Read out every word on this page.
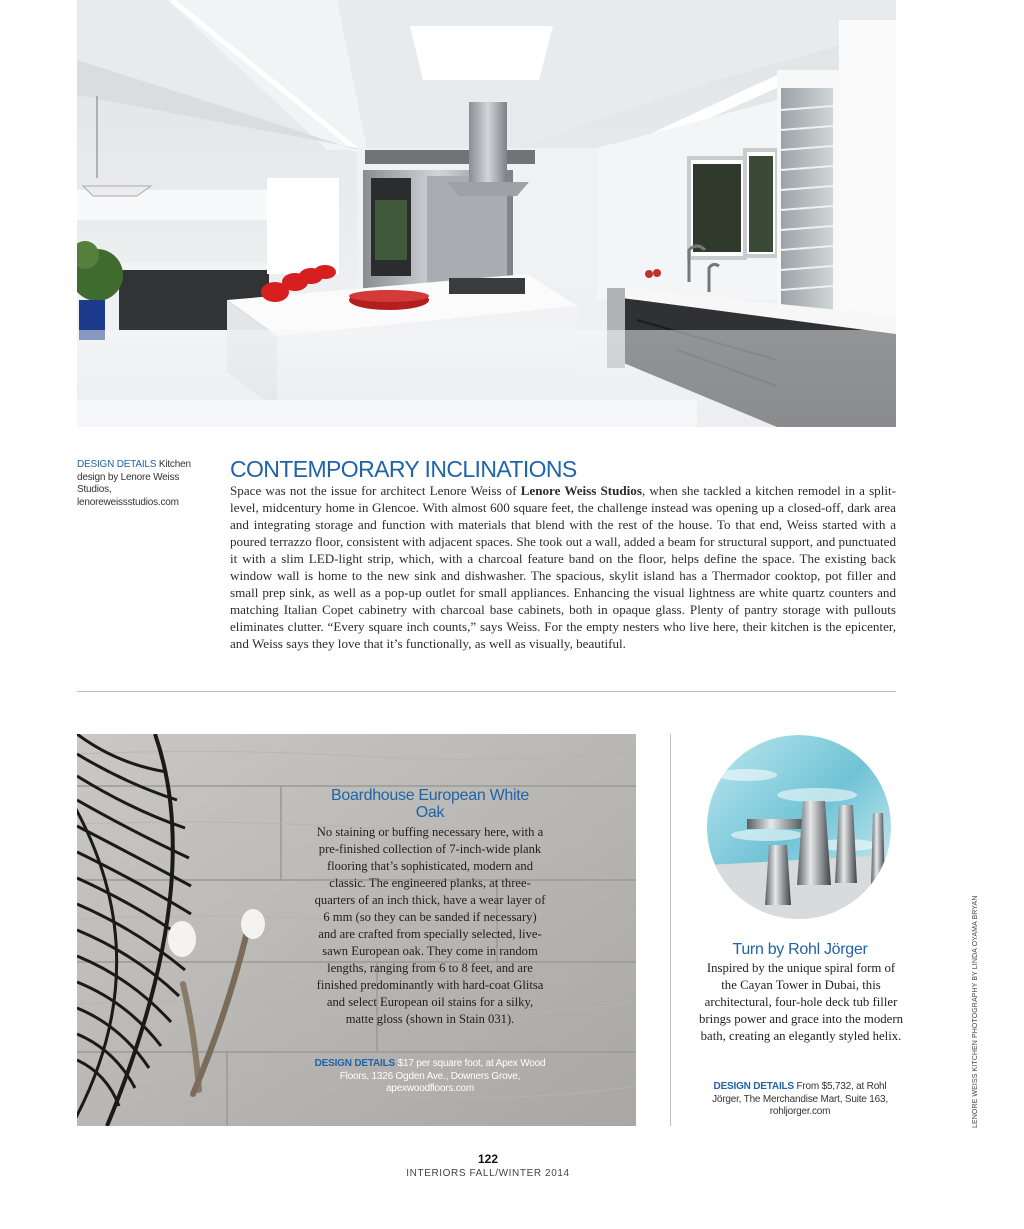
DESIGN DETAILS Kitchen design by Lenore Weiss Studios, lenoreweissstudios.com
CONTEMPORARY INCLINATIONS
Space was not the issue for architect Lenore Weiss of Lenore Weiss Studios, when she tackled a kitchen remodel in a split-level, midcentury home in Glencoe. With almost 600 square feet, the challenge instead was opening up a closed-off, dark area and integrating storage and function with materials that blend with the rest of the house. To that end, Weiss started with a poured terrazzo floor, consistent with adjacent spaces. She took out a wall, added a beam for structural support, and punctuated it with a slim LED-light strip, which, with a charcoal feature band on the floor, helps define the space. The existing back window wall is home to the new sink and dishwasher. The spacious, skylit island has a Thermador cooktop, pot filler and small prep sink, as well as a pop-up outlet for small appliances. Enhancing the visual lightness are white quartz counters and matching Italian Copet cabinetry with charcoal base cabinets, both in opaque glass. Plenty of pantry storage with pullouts eliminates clutter. “Every square inch counts,” says Weiss. For the empty nesters who live here, their kitchen is the epicenter, and Weiss says they love that it’s functionally, as well as visually, beautiful.
Boardhouse European White Oak
No staining or buffing necessary here, with a pre-finished collection of 7-inch-wide plank flooring that’s sophisticated, modern and classic. The engineered planks, at three-quarters of an inch thick, have a wear layer of 6 mm (so they can be sanded if necessary) and are crafted from specially selected, live-sawn European oak. They come in random lengths, ranging from 6 to 8 feet, and are finished predominantly with hard-coat Glitsa and select European oil stains for a silky, matte gloss (shown in Stain 031).
DESIGN DETAILS $17 per square foot, at Apex Wood Floors, 1326 Ogden Ave., Downers Grove, apexwoodfloors.com
Turn by Rohl Jörger
Inspired by the unique spiral form of the Cayan Tower in Dubai, this architectural, four-hole deck tub filler brings power and grace into the modern bath, creating an elegantly styled helix.
DESIGN DETAILS From $5,732, at Rohl Jörger, The Merchandise Mart, Suite 163, rohljorger.com	LENORE WEISS KITCHEN PHOTOGRAPHY BY LINDA OYAMA BRYAN
122
INTERIORS FALL/WINTER 2014
